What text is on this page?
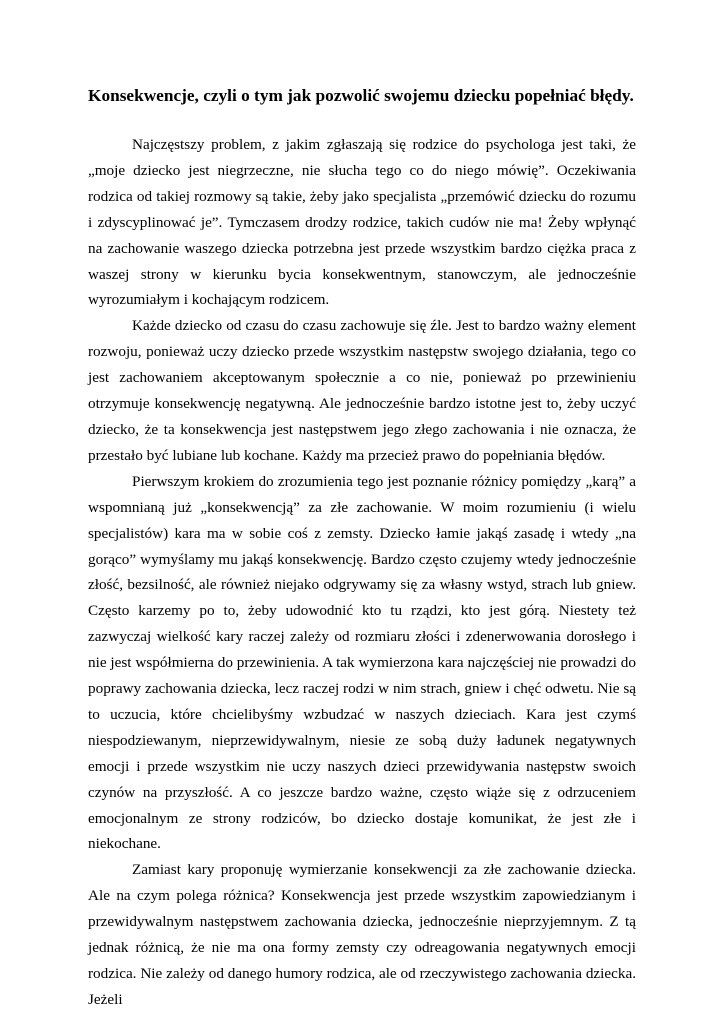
Konsekwencje, czyli o tym jak pozwolić swojemu dziecku popełniać błędy.

Najczęstszy problem, z jakim zgłaszają się rodzice do psychologa jest taki, że „moje dziecko jest niegrzeczne, nie słucha tego co do niego mówię”. Oczekiwania rodzica od takiej rozmowy są takie, żeby jako specjalista „przemówić dziecku do rozumu i zdyscyplinować je”. Tymczasem drodzy rodzice, takich cudów nie ma! Żeby wpłynąć na zachowanie waszego dziecka potrzebna jest przede wszystkim bardzo ciężka praca z waszej strony w kierunku bycia konsekwentnym, stanowczym, ale jednocześnie wyrozumiałym i kochającym rodzicem.

Każde dziecko od czasu do czasu zachowuje się źle. Jest to bardzo ważny element rozwoju, ponieważ uczy dziecko przede wszystkim następstw swojego działania, tego co jest zachowaniem akceptowanym społecznie a co nie, ponieważ po przewinieniu otrzymuje konsekwencję negatywną. Ale jednocześnie bardzo istotne jest to, żeby uczyć dziecko, że ta konsekwencja jest następstwem jego złego zachowania i nie oznacza, że przestało być lubiane lub kochane. Każdy ma przecież prawo do popełniania błędów.

Pierwszym krokiem do zrozumienia tego jest poznanie różnicy pomiędzy „karą” a wspomnianą już „konsekwencją” za złe zachowanie. W moim rozumieniu (i wielu specjalistów) kara ma w sobie coś z zemsty. Dziecko łamie jakąś zasadę i wtedy „na gorąco” wymyślamy mu jakąś konsekwencję. Bardzo często czujemy wtedy jednocześnie złość, bezsilność, ale również niejako odgrywamy się za własny wstyd, strach lub gniew. Często karzemy po to, żeby udowodnić kto tu rządzi, kto jest górą. Niestety też zazwyczaj wielkość kary raczej zależy od rozmiaru złości i zdenerwowania dorosłego i nie jest współmierna do przewinienia. A tak wymierzona kara najczęściej nie prowadzi do poprawy zachowania dziecka, lecz raczej rodzi w nim strach, gniew i chęć odwetu. Nie są to uczucia, które chcielibyśmy wzbudzać w naszych dzieciach. Kara jest czymś niespodziewanym, nieprzewidywalnym, niesie ze sobą duży ładunek negatywnych emocji i przede wszystkim nie uczy naszych dzieci przewidywania następstw swoich czynów na przyszłość. A co jeszcze bardzo ważne, często wiąże się z odrzuceniem emocjonalnym ze strony rodziców, bo dziecko dostaje komunikat, że jest złe i niekochane.

Zamiast kary proponuję wymierzanie konsekwencji za złe zachowanie dziecka. Ale na czym polega różnica? Konsekwencja jest przede wszystkim zapowiedzianym i przewidywalnym następstwem zachowania dziecka, jednocześnie nieprzyjemnym. Z tą jednak różnicą, że nie ma ona formy zemsty czy odreagowania negatywnych emocji rodzica. Nie zależy od danego humory rodzica, ale od rzeczywistego zachowania dziecka. Jeżeli
